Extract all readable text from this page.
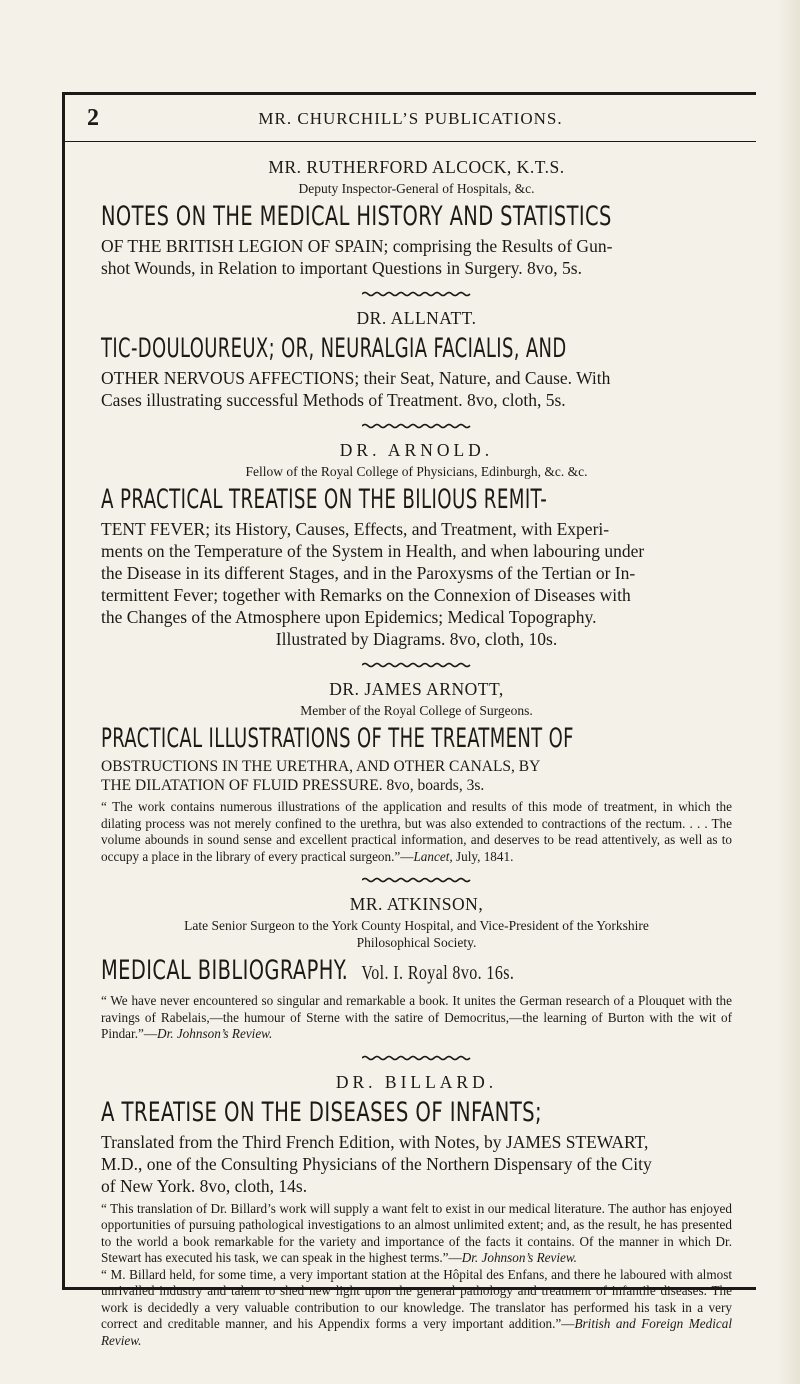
2	MR. CHURCHILL’S PUBLICATIONS.

MR. RUTHERFORD ALCOCK, K.T.S.

Deputy Inspector-General of Hospitals, &c.

NOTES ON THE MEDICAL HISTORY AND STATISTICS

OF THE BRITISH LEGION OF SPAIN; comprising the Results of Gun-
shot Wounds, in Relation to important Questions in Surgery. 8vo, 5s.

DR. ALLNATT.

TIC-DOULOUREUX; OR, NEURALGIA FACIALIS, AND

OTHER NERVOUS AFFECTIONS; their Seat, Nature, and Cause. With
Cases illustrating successful Methods of Treatment. 8vo, cloth, 5s.

DR. ARNOLD.

Fellow of the Royal College of Physicians, Edinburgh, &c. &c.

A PRACTICAL TREATISE ON THE BILIOUS REMIT-

TENT FEVER; its History, Causes, Effects, and Treatment, with Experi-
ments on the Temperature of the System in Health, and when labouring under
the Disease in its different Stages, and in the Paroxysms of the Tertian or In-
termittent Fever; together with Remarks on the Connexion of Diseases with
the Changes of the Atmosphere upon Epidemics; Medical Topography.

Illustrated by Diagrams. 8vo, cloth, 10s.

DR. JAMES ARNOTT,

Member of the Royal College of Surgeons.

PRACTICAL ILLUSTRATIONS OF THE TREATMENT OF

OBSTRUCTIONS IN THE URETHRA, AND OTHER CANALS, BY
THE DILATATION OF FLUID PRESSURE. 8vo, boards, 3s.

“ The work contains numerous illustrations of the application and results of this mode of treatment, in which the dilating process was not merely confined to the urethra, but was also extended to contractions of the rectum. . . . The volume abounds in sound sense and excellent practical information, and deserves to be read attentively, as well as to occupy a place in the library of every practical surgeon.”—Lancet, July, 1841.

MR. ATKINSON,

Late Senior Surgeon to the York County Hospital, and Vice-President of the Yorkshire
Philosophical Society.

MEDICAL BIBLIOGRAPHY. Vol. I. Royal 8vo. 16s.

“ We have never encountered so singular and remarkable a book. It unites the German research of a Plouquet with the ravings of Rabelais,—the humour of Sterne with the satire of Democritus,—the learning of Burton with the wit of Pindar.”—Dr. Johnson’s Review.

DR. BILLARD.

A TREATISE ON THE DISEASES OF INFANTS;

Translated from the Third French Edition, with Notes, by JAMES STEWART,
M.D., one of the Consulting Physicians of the Northern Dispensary of the City
of New York. 8vo, cloth, 14s.

“ This translation of Dr. Billard’s work will supply a want felt to exist in our medical literature. The author has enjoyed opportunities of pursuing pathological investigations to an almost unlimited extent; and, as the result, he has presented to the world a book remarkable for the variety and importance of the facts it contains. Of the manner in which Dr. Stewart has executed his task, we can speak in the highest terms.”—Dr. Johnson’s Review.

“ M. Billard held, for some time, a very important station at the Hôpital des Enfans, and there he laboured with almost unrivalled industry and talent to shed new light upon the general pathology and treatment of infantile diseases. The work is decidedly a very valuable contribution to our knowledge. The translator has performed his task in a very correct and creditable manner, and his Appendix forms a very important addition.”—British and Foreign Medical Review.
